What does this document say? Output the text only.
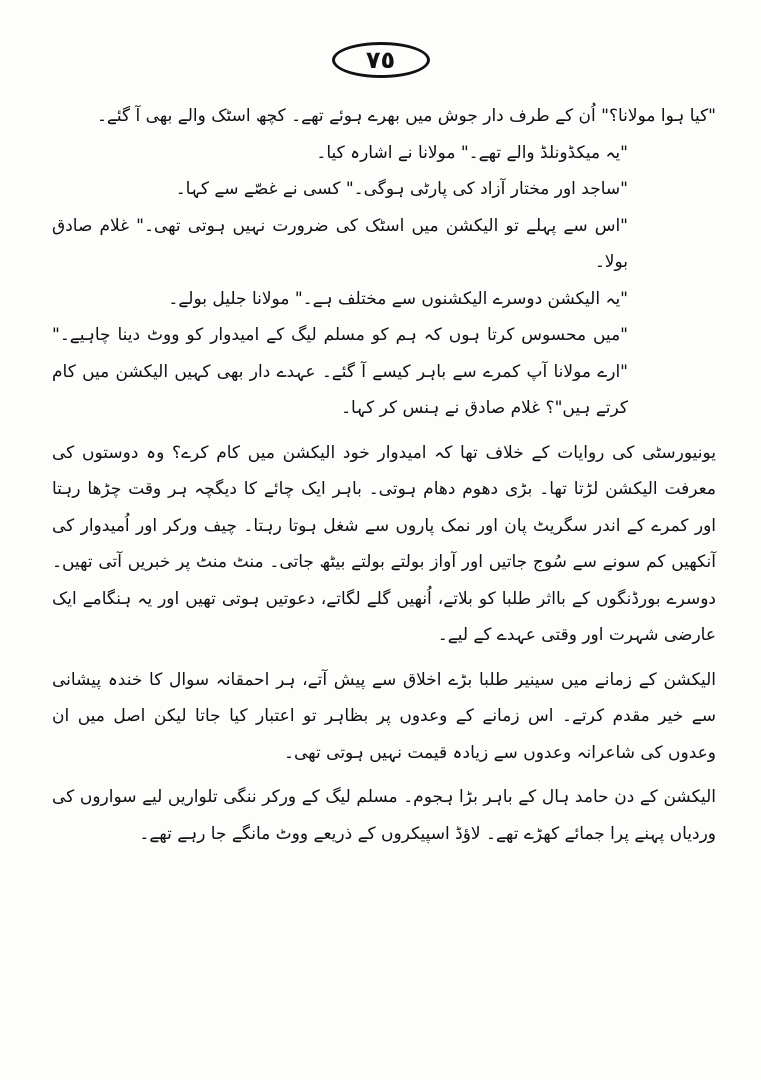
٧٥

"کیا ہوا مولانا؟" اُن کے طرف دار جوش میں بھرے ہوئے تھے۔ کچھ اسٹک والے بھی آ گئے۔

"یہ میکڈونلڈ والے تھے۔" مولانا نے اشارہ کیا۔

"ساجد اور مختار آزاد کی پارٹی ہوگی۔" کسی نے غصّے سے کہا۔

"اس سے پہلے تو الیکشن میں اسٹک کی ضرورت نہیں ہوتی تھی۔" غلام صادق بولا۔

"یہ الیکشن دوسرے الیکشنوں سے مختلف ہے۔" مولانا جلیل بولے۔

"میں محسوس کرتا ہوں کہ ہم کو مسلم لیگ کے امیدوار کو ووٹ دینا چاہیے۔" "ارے مولانا آپ کمرے سے باہر کیسے آ گئے۔ عہدے دار بھی کہیں الیکشن میں کام کرتے ہیں"؟ غلام صادق نے ہنس کر کہا۔

یونیورسٹی کی روایات کے خلاف تھا کہ امیدوار خود الیکشن میں کام کرے؟ وہ دوستوں کی معرفت الیکشن لڑتا تھا۔ بڑی دھوم دھام ہوتی۔ باہر ایک چائے کا دیگچہ ہر وقت چڑھا رہتا اور کمرے کے اندر سگریٹ پان اور نمک پاروں سے شغل ہوتا رہتا۔ چیف ورکر اور اُمیدوار کی آنکھیں کم سونے سے سُوج جاتیں اور آواز بولتے بولتے بیٹھ جاتی۔ منٹ منٹ پر خبریں آتی تھیں۔ دوسرے بورڈنگوں کے بااثر طلبا کو بلاتے، اُنھیں گلے لگاتے، دعوتیں ہوتی تھیں اور یہ ہنگامے ایک عارضی شہرت اور وقتی عہدے کے لیے۔

الیکشن کے زمانے میں سینیر طلبا بڑے اخلاق سے پیش آتے، ہر احمقانہ سوال کا خندہ پیشانی سے خیر مقدم کرتے۔ اس زمانے کے وعدوں پر بظاہر تو اعتبار کیا جاتا لیکن اصل میں ان وعدوں کی شاعرانہ وعدوں سے زیادہ قیمت نہیں ہوتی تھی۔

الیکشن کے دن حامد ہال کے باہر بڑا ہجوم۔ مسلم لیگ کے ورکر ننگی تلواریں لیے سواروں کی وردیاں پہنے پرا جمائے کھڑے تھے۔ لاؤڈ اسپیکروں کے ذریعے ووٹ مانگے جا رہے تھے۔
